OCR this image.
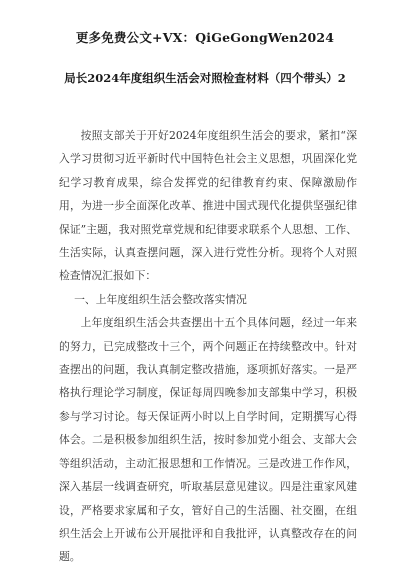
更多免费公文+VX：QiGeGongWen2024
局长2024年度组织生活会对照检查材料（四个带头）2

按照支部关于开好2024年度组织生活会的要求，紧扣“深入学习贯彻习近平新时代中国特色社会主义思想，巩固深化党纪学习教育成果，综合发挥党的纪律教育约束、保障激励作用，为进一步全面深化改革、推进中国式现代化提供坚强纪律保证”主题，我对照党章党规和纪律要求联系个人思想、工作、生活实际，认真查摆问题，深入进行党性分析。现将个人对照检查情况汇报如下：

一、上年度组织生活会整改落实情况

上年度组织生活会共查摆出十五个具体问题，经过一年来的努力，已完成整改十三个，两个问题正在持续整改中。针对查摆出的问题，我认真制定整改措施，逐项抓好落实。一是严格执行理论学习制度，保证每周四晚参加支部集中学习，积极参与学习讨论。每天保证两小时以上自学时间，定期撰写心得体会。二是积极参加组织生活，按时参加党小组会、支部大会等组织活动，主动汇报思想和工作情况。三是改进工作作风，深入基层一线调查研究，听取基层意见建议。四是注重家风建设，严格要求家属和子女，管好自己的生活圈、社交圈，在组织生活会上开诚布公开展批评和自我批评，认真整改存在的问题。
